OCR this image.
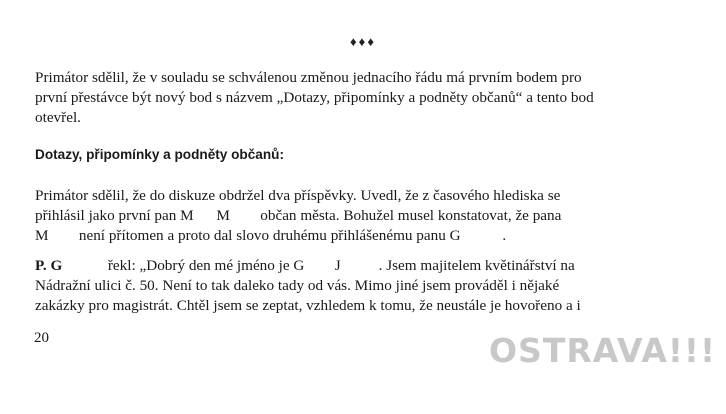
♦♦♦
Primátor sdělil, že v souladu se schválenou změnou jednacího řádu má prvním bodem pro
první přestávce být nový bod s názvem „Dotazy, připomínky a podněty občanů“ a tento bod
otevřel.
Dotazy, připomínky a podněty občanů:
Primátor sdělil, že do diskuze obdržel dva příspěvky. Uvedl, že z časového hlediska se
přihlásil jako první pan M      M        občan města. Bohužel musel konstatovat, že pana
M        není přítomen a proto dal slovo druhému přihlášenému panu G           .
P. G            řekl: „Dobrý den mé jméno je G        J          . Jsem majitelem květinářství na
Nádražní ulici č. 50. Není to tak daleko tady od vás. Mimo jiné jsem prováděl i nějaké
zakázky pro magistrát. Chtěl jsem se zeptat, vzhledem k tomu, že neustále je hovořeno a i
20	OSTRAVA!!!
